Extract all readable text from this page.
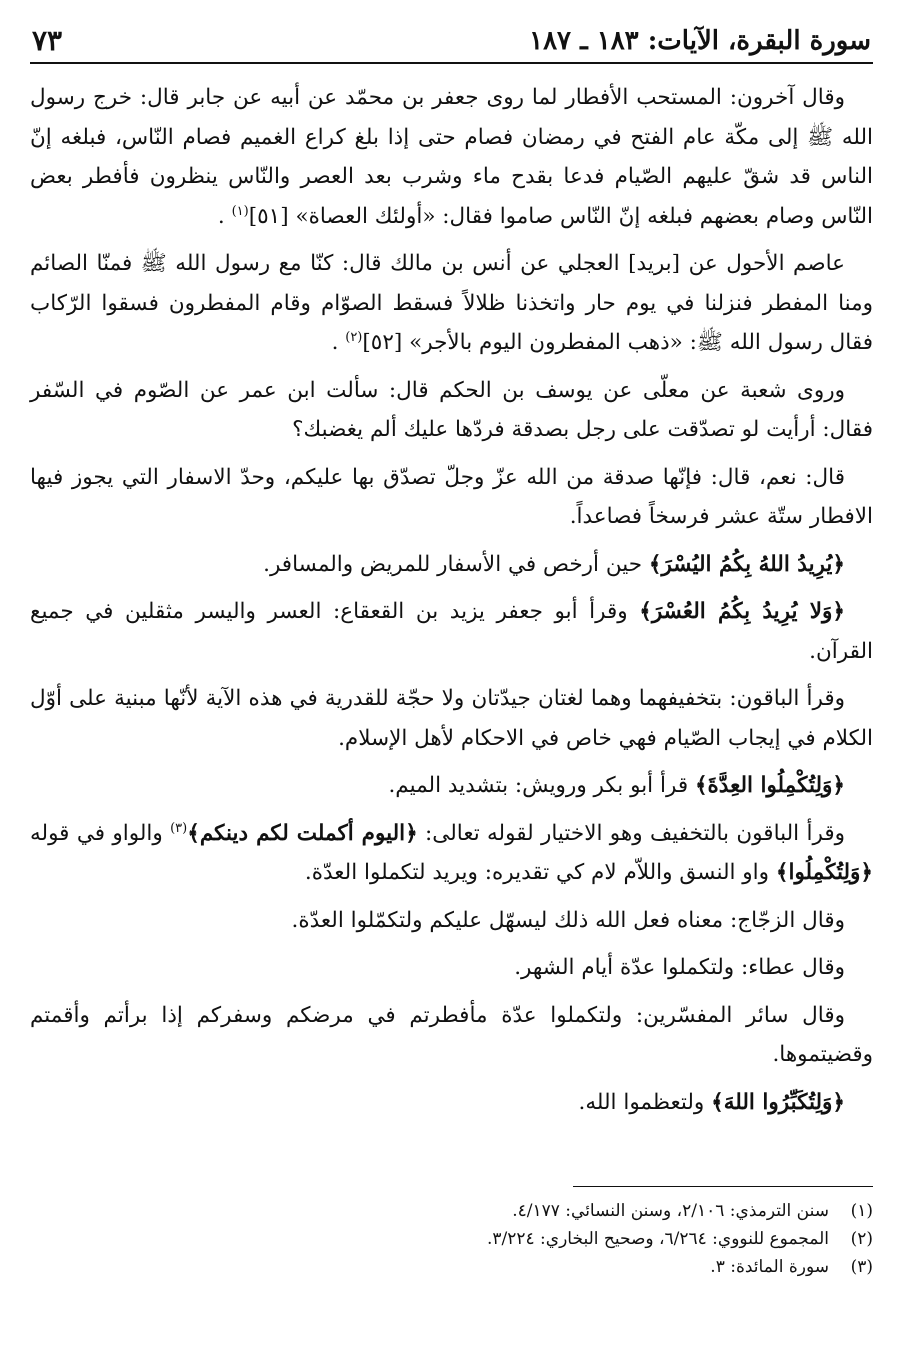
سورة البقرة، الآيات: ١٨٣ ـ ١٨٧
٧٣

وقال آخرون: المستحب الأفطار لما روى جعفر بن محمّد عن أبيه عن جابر قال: خرج رسول الله ﷺ إلى مكّة عام الفتح في رمضان فصام حتى إذا بلغ كراع الغميم فصام النّاس، فبلغه إنّ الناس قد شقّ عليهم الصّيام فدعا بقدح ماء وشرب بعد العصر والنّاس ينظرون فأفطر بعض النّاس وصام بعضهم فبلغه إنّ النّاس صاموا فقال: «أولئك العصاة» [٥١]$^{(١)}$ .

عاصم الأحول عن [بريد] العجلي عن أنس بن مالك قال: كنّا مع رسول الله ﷺ فمنّا الصائم ومنا المفطر فنزلنا في يوم حار واتخذنا ظلالاً فسقط الصوّام وقام المفطرون فسقوا الرّكاب فقال رسول الله ﷺ: «ذهب المفطرون اليوم بالأجر» [٥٢]$^{(٢)}$ .

وروى شعبة عن معلّى عن يوسف بن الحكم قال: سألت ابن عمر عن الصّوم في السّفر فقال: أرأيت لو تصدّقت على رجل بصدقة فردّها عليك ألم يغضبك؟

قال: نعم، قال: فإنّها صدقة من الله عزّ وجلّ تصدّق بها عليكم، وحدّ الاسفار التي يجوز فيها الافطار ستّة عشر فرسخاً فصاعداً.

﴿يُرِيدُ اللهُ بِكُمُ اليُسْرَ﴾ حين أرخص في الأسفار للمريض والمسافر.

﴿وَلا يُرِيدُ بِكُمُ العُسْرَ﴾ وقرأ أبو جعفر يزيد بن القعقاع: العسر واليسر مثقلين في جميع القرآن.

وقرأ الباقون: بتخفيفهما وهما لغتان جيدّتان ولا حجّة للقدرية في هذه الآية لأنّها مبنية على أوّل الكلام في إيجاب الصّيام فهي خاص في الاحكام لأهل الإسلام.

﴿وَلِتُكْمِلُوا العِدَّةَ﴾ قرأ أبو بكر ورويش: بتشديد الميم.

وقرأ الباقون بالتخفيف وهو الاختيار لقوله تعالى: ﴿اليوم أكملت لكم دينكم﴾$^{(٣)}$ والواو في قوله ﴿وَلِتُكْمِلُوا﴾ واو النسق واللاّم لام كي تقديره: ويريد لتكملوا العدّة.

وقال الزجّاج: معناه فعل الله ذلك ليسهّل عليكم ولتكمّلوا العدّة.

وقال عطاء: ولتكملوا عدّة أيام الشهر.

وقال سائر المفسّرين: ولتكملوا عدّة مأفطرتم في مرضكم وسفركم إذا برأتم وأقمتم وقضيتموها.

﴿وَلِتُكَبِّرُوا اللهَ﴾ ولتعظموا الله.

(١)
سنن الترمذي: ٢/١٠٦، وسنن النسائي: ٤/١٧٧.
(٢)
المجموع للنووي: ٦/٢٦٤، وصحيح البخاري: ٣/٢٢٤.
(٣)
سورة المائدة: ٣.
